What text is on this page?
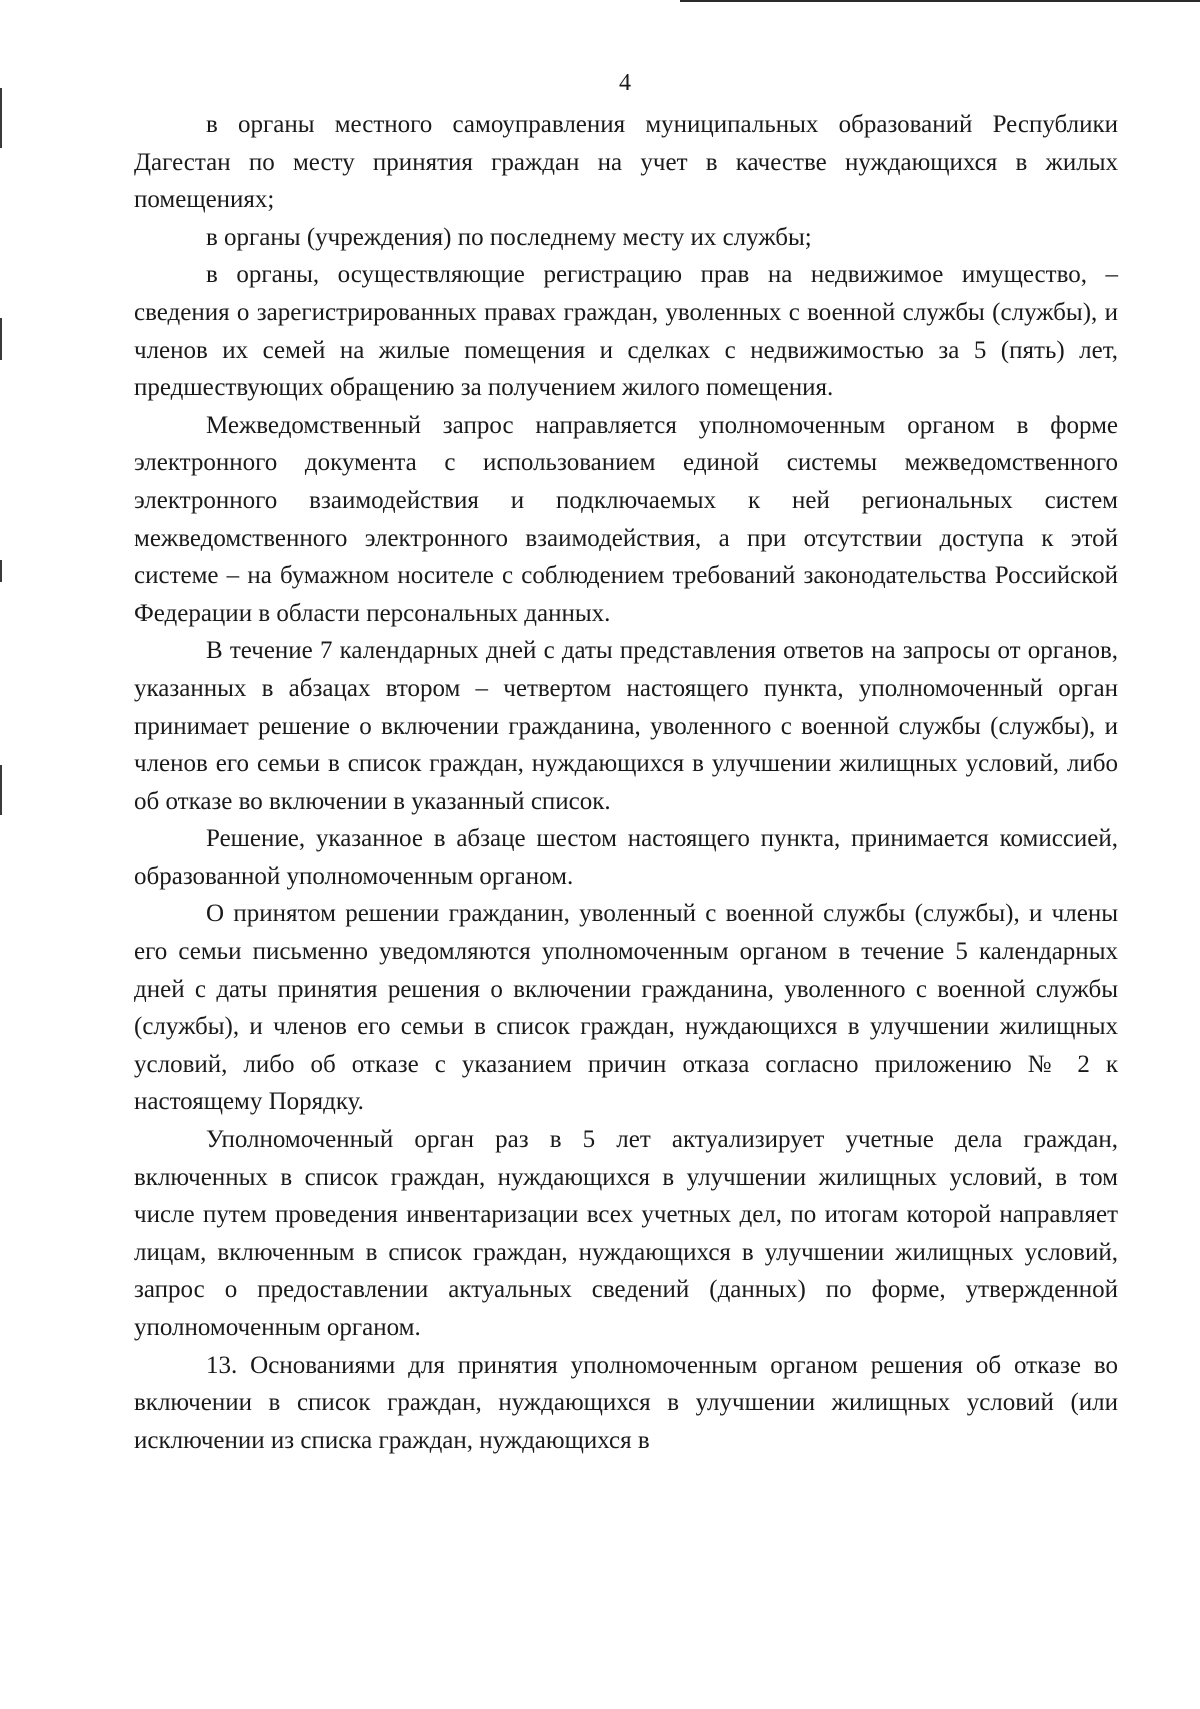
4

в органы местного самоуправления муниципальных образований Республики Дагестан по месту принятия граждан на учет в качестве нуждающихся в жилых помещениях;

в органы (учреждения) по последнему месту их службы;

в органы, осуществляющие регистрацию прав на недвижимое имущество, – сведения о зарегистрированных правах граждан, уволенных с военной службы (службы), и членов их семей на жилые помещения и сделках с недвижимостью за 5 (пять) лет, предшествующих обращению за получением жилого помещения.

Межведомственный запрос направляется уполномоченным органом в форме электронного документа с использованием единой системы межведомственного электронного взаимодействия и подключаемых к ней региональных систем межведомственного электронного взаимодействия, а при отсутствии доступа к этой системе – на бумажном носителе с соблюдением требований законодательства Российской Федерации в области персональных данных.

В течение 7 календарных дней с даты представления ответов на запросы от органов, указанных в абзацах втором – четвертом настоящего пункта, уполномоченный орган принимает решение о включении гражданина, уволенного с военной службы (службы), и членов его семьи в список граждан, нуждающихся в улучшении жилищных условий, либо об отказе во включении в указанный список.

Решение, указанное в абзаце шестом настоящего пункта, принимается комиссией, образованной уполномоченным органом.

О принятом решении гражданин, уволенный с военной службы (службы), и члены его семьи письменно уведомляются уполномоченным органом в течение 5 календарных дней с даты принятия решения о включении гражданина, уволенного с военной службы (службы), и членов его семьи в список граждан, нуждающихся в улучшении жилищных условий, либо об отказе с указанием причин отказа согласно приложению № 2 к настоящему Порядку.

Уполномоченный орган раз в 5 лет актуализирует учетные дела граждан, включенных в список граждан, нуждающихся в улучшении жилищных условий, в том числе путем проведения инвентаризации всех учетных дел, по итогам которой направляет лицам, включенным в список граждан, нуждающихся в улучшении жилищных условий, запрос о предоставлении актуальных сведений (данных) по форме, утвержденной уполномоченным органом.

13. Основаниями для принятия уполномоченным органом решения об отказе во включении в список граждан, нуждающихся в улучшении жилищных условий (или исключении из списка граждан, нуждающихся в
